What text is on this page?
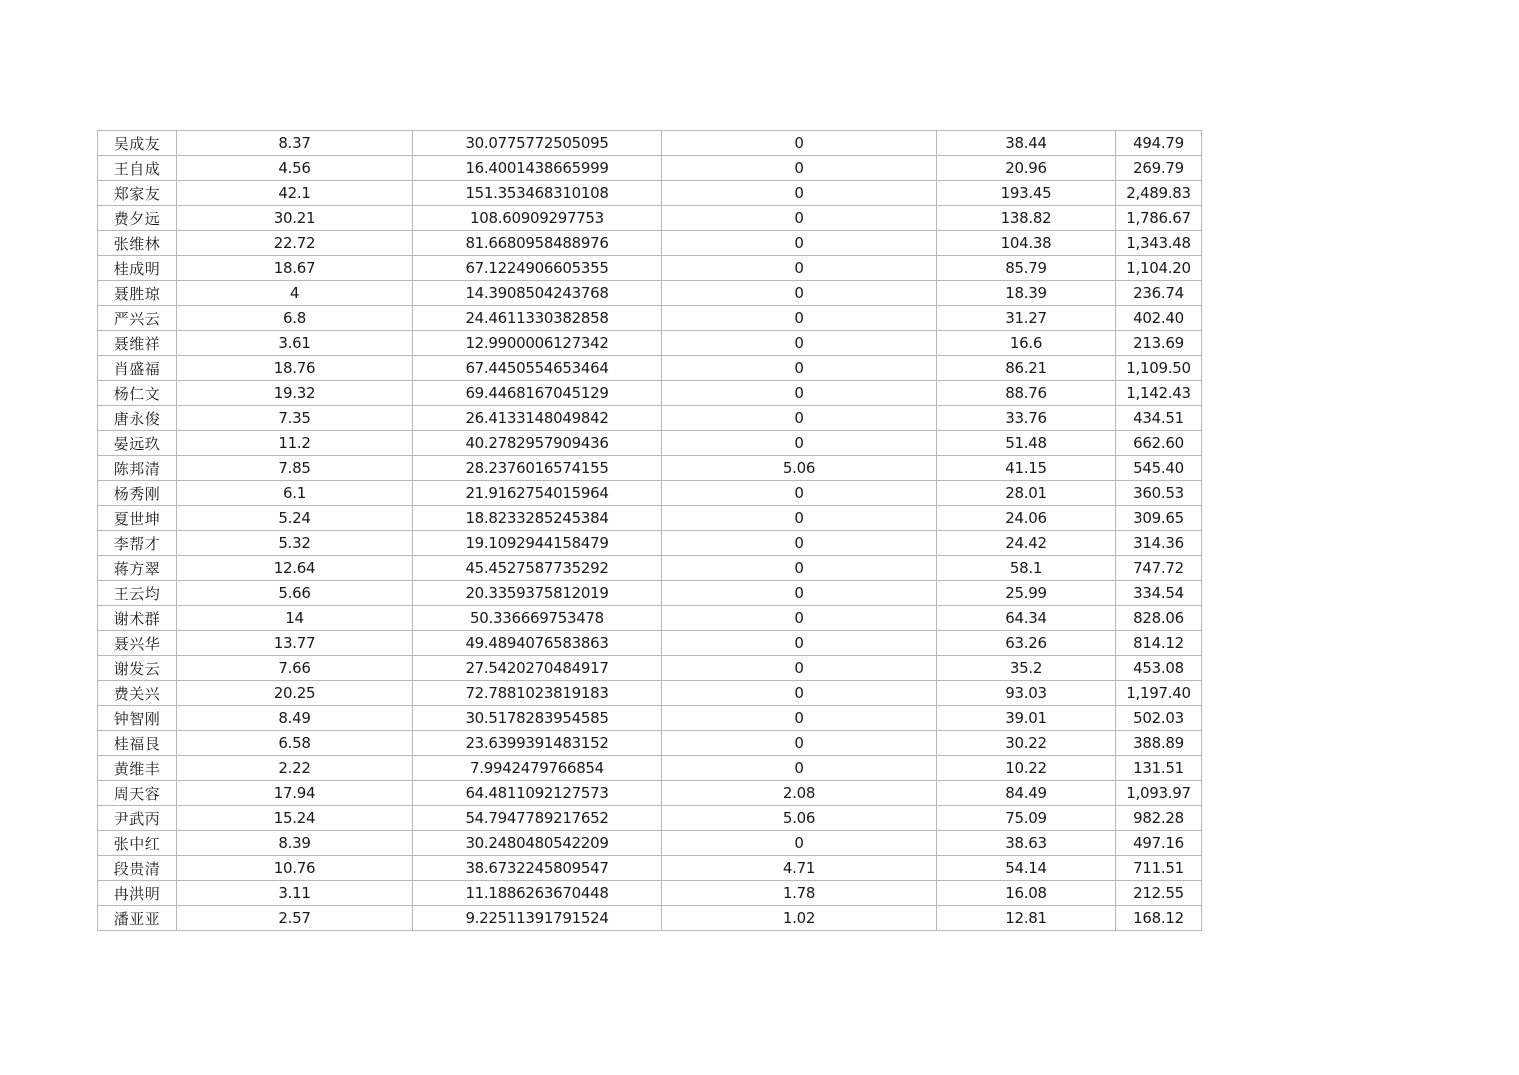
吴成友	8.37	30.0775772505095	0	38.44	494.79
王自成	4.56	16.4001438665999	0	20.96	269.79
郑家友	42.1	151.353468310108	0	193.45	2,489.83
费夕远	30.21	108.60909297753	0	138.82	1,786.67
张维林	22.72	81.6680958488976	0	104.38	1,343.48
桂成明	18.67	67.1224906605355	0	85.79	1,104.20
聂胜琼	4	14.3908504243768	0	18.39	236.74
严兴云	6.8	24.4611330382858	0	31.27	402.40
聂维祥	3.61	12.9900006127342	0	16.6	213.69
肖盛福	18.76	67.4450554653464	0	86.21	1,109.50
杨仁文	19.32	69.4468167045129	0	88.76	1,142.43
唐永俊	7.35	26.4133148049842	0	33.76	434.51
晏远玖	11.2	40.2782957909436	0	51.48	662.60
陈邦清	7.85	28.2376016574155	5.06	41.15	545.40
杨秀刚	6.1	21.9162754015964	0	28.01	360.53
夏世坤	5.24	18.8233285245384	0	24.06	309.65
李帮才	5.32	19.1092944158479	0	24.42	314.36
蒋方翠	12.64	45.4527587735292	0	58.1	747.72
王云均	5.66	20.3359375812019	0	25.99	334.54
谢术群	14	50.336669753478	0	64.34	828.06
聂兴华	13.77	49.4894076583863	0	63.26	814.12
谢发云	7.66	27.5420270484917	0	35.2	453.08
费关兴	20.25	72.7881023819183	0	93.03	1,197.40
钟智刚	8.49	30.5178283954585	0	39.01	502.03
桂福艮	6.58	23.6399391483152	0	30.22	388.89
黄维丰	2.22	7.9942479766854	0	10.22	131.51
周天容	17.94	64.4811092127573	2.08	84.49	1,093.97
尹武丙	15.24	54.7947789217652	5.06	75.09	982.28
张中红	8.39	30.2480480542209	0	38.63	497.16
段贵清	10.76	38.6732245809547	4.71	54.14	711.51
冉洪明	3.11	11.1886263670448	1.78	16.08	212.55
潘亚亚	2.57	9.22511391791524	1.02	12.81	168.12
